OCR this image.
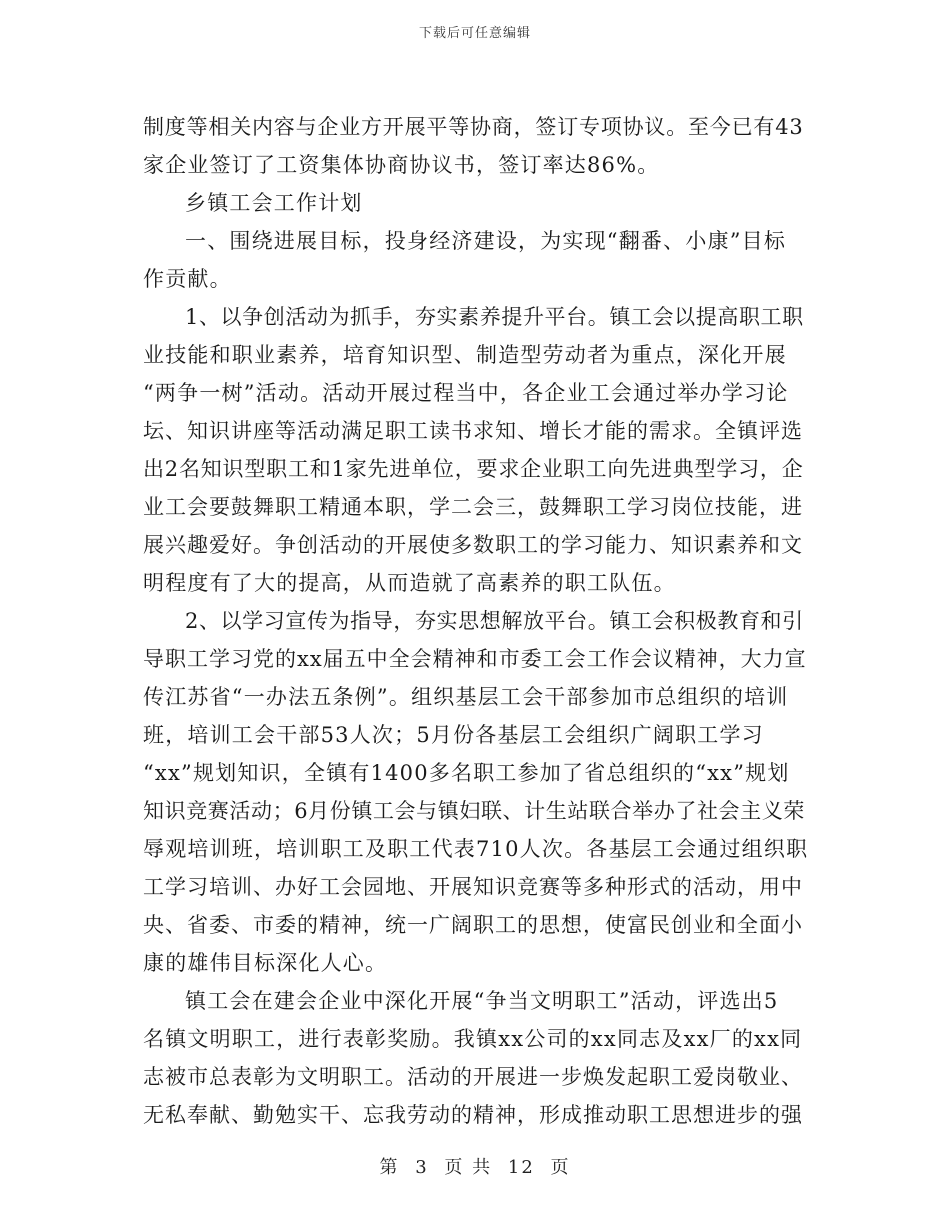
下载后可任意编辑

制度等相关内容与企业方开展平等协商，签订专项协议。至今已有43
家企业签订了工资集体协商协议书，签订率达86%。

乡镇工会工作计划

一、围绕进展目标，投身经济建设，为实现“翻番、小康”目标
作贡献。

1、以争创活动为抓手，夯实素养提升平台。镇工会以提高职工职
业技能和职业素养，培育知识型、制造型劳动者为重点，深化开展
“两争一树”活动。活动开展过程当中，各企业工会通过举办学习论
坛、知识讲座等活动满足职工读书求知、增长才能的需求。全镇评选
出2名知识型职工和1家先进单位，要求企业职工向先进典型学习，企
业工会要鼓舞职工精通本职，学二会三，鼓舞职工学习岗位技能，进
展兴趣爱好。争创活动的开展使多数职工的学习能力、知识素养和文
明程度有了大的提高，从而造就了高素养的职工队伍。

2、以学习宣传为指导，夯实思想解放平台。镇工会积极教育和引
导职工学习党的xx届五中全会精神和市委工会工作会议精神，大力宣
传江苏省“一办法五条例”。组织基层工会干部参加市总组织的培训
班，培训工会干部53人次；5月份各基层工会组织广阔职工学习
“xx”规划知识，全镇有1400多名职工参加了省总组织的“xx”规划
知识竞赛活动；6月份镇工会与镇妇联、计生站联合举办了社会主义荣
辱观培训班，培训职工及职工代表710人次。各基层工会通过组织职
工学习培训、办好工会园地、开展知识竞赛等多种形式的活动，用中
央、省委、市委的精神，统一广阔职工的思想，使富民创业和全面小
康的雄伟目标深化人心。

镇工会在建会企业中深化开展“争当文明职工”活动，评选出5
名镇文明职工，进行表彰奖励。我镇xx公司的xx同志及xx厂的xx同
志被市总表彰为文明职工。活动的开展进一步焕发起职工爱岗敬业、
无私奉献、勤勉实干、忘我劳动的精神，形成推动职工思想进步的强

第 3 页 共 12 页
